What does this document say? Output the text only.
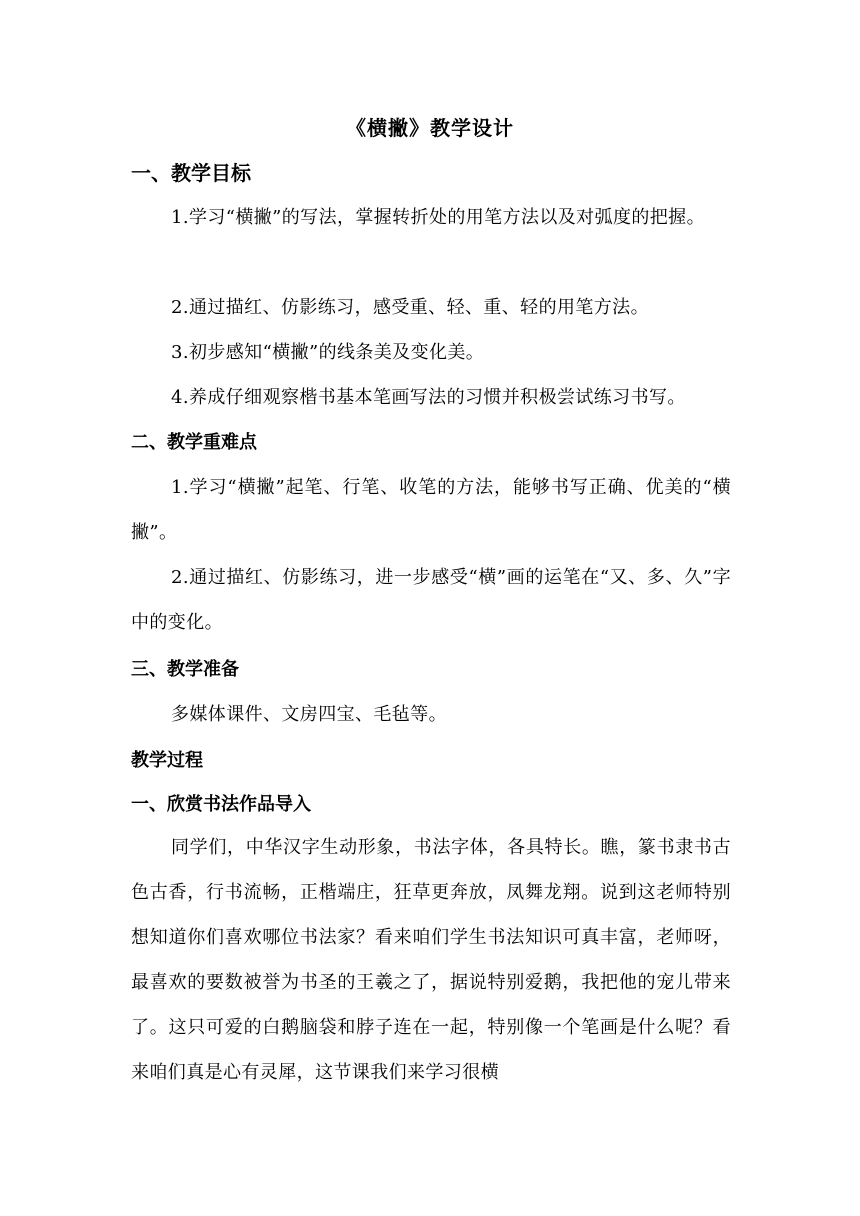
《横撇》教学设计
一、教学目标
1.学习“横撇”的写法，掌握转折处的用笔方法以及对弧度的把握。
2.通过描红、仿影练习，感受重、轻、重、轻的用笔方法。
3.初步感知“横撇”的线条美及变化美。
4.养成仔细观察楷书基本笔画写法的习惯并积极尝试练习书写。
二、教学重难点
1.学习“横撇”起笔、行笔、收笔的方法，能够书写正确、优美的“横撇”。
2.通过描红、仿影练习，进一步感受“横”画的运笔在“又、多、久”字中的变化。
三、教学准备
多媒体课件、文房四宝、毛毡等。
教学过程
一、欣赏书法作品导入
同学们，中华汉字生动形象，书法字体，各具特长。瞧，篆书隶书古色古香，行书流畅，正楷端庄，狂草更奔放，凤舞龙翔。说到这老师特别想知道你们喜欢哪位书法家？看来咱们学生书法知识可真丰富，老师呀，最喜欢的要数被誉为书圣的王羲之了，据说特别爱鹅，我把他的宠儿带来了。这只可爱的白鹅脑袋和脖子连在一起，特别像一个笔画是什么呢？看来咱们真是心有灵犀，这节课我们来学习很横
